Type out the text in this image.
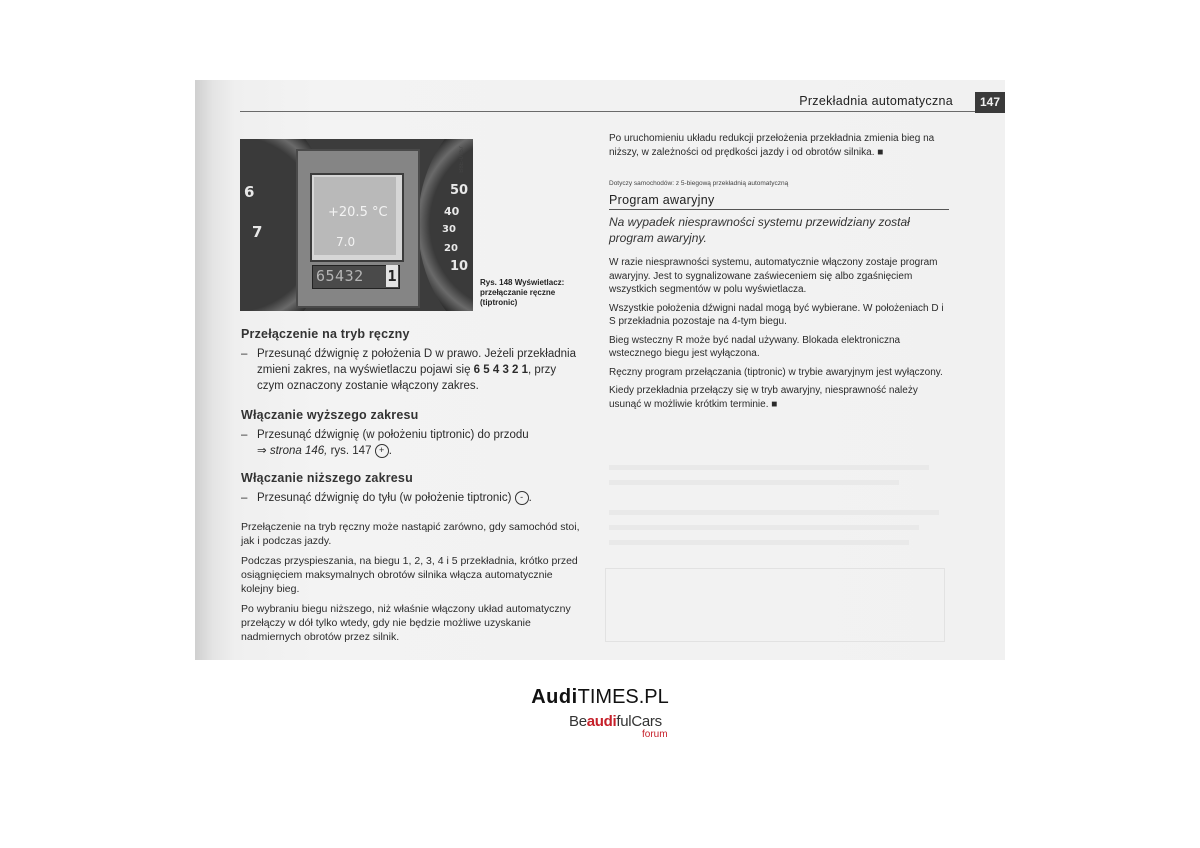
Przekładnia automatyczna	147
6
7
50
40
30
20
10
+20.5 °C
7.0
65432 1
B8E-0767
Rys. 148 Wyświetlacz: przełączanie ręczne (tiptronic)

Przełączenie na tryb ręczny

– Przesunąć dźwignię z położenia D w prawo. Jeżeli przekładnia zmieni zakres, na wyświetlaczu pojawi się 6 5 4 3 2 1, przy czym oznaczony zostanie włączony zakres.

Włączanie wyższego zakresu

– Przesunąć dźwignię (w położeniu tiptronic) do przodu
⇒ strona 146, rys. 147 + .

Włączanie niższego zakresu

– Przesunąć dźwignię do tyłu (w położenie tiptronic) - .

Przełączenie na tryb ręczny może nastąpić zarówno, gdy samochód stoi, jak i podczas jazdy.

Podczas przyspieszania, na biegu 1, 2, 3, 4 i 5 przekładnia, krótko przed osiągnięciem maksymalnych obrotów silnika włącza automatycznie kolejny bieg.

Po wybraniu biegu niższego, niż właśnie włączony układ automatyczny przełączy w dół tylko wtedy, gdy nie będzie możliwe uzyskanie nadmiernych obrotów przez silnik.

Po uruchomieniu układu redukcji przełożenia przekładnia zmienia bieg na niższy, w zależności od prędkości jazdy i od obrotów silnika. ■

Dotyczy samochodów: z 5-biegową przekładnią automatyczną

Program awaryjny

Na wypadek niesprawności systemu przewidziany został program awaryjny.

W razie niesprawności systemu, automatycznie włączony zostaje program awaryjny. Jest to sygnalizowane zaświeceniem się albo zgaśnięciem wszystkich segmentów w polu wyświetlacza.

Wszystkie położenia dźwigni nadal mogą być wybierane. W położeniach D i S przekładnia pozostaje na 4-tym biegu.

Bieg wsteczny R może być nadal używany. Blokada elektroniczna wstecznego biegu jest wyłączona.

Ręczny program przełączania (tiptronic) w trybie awaryjnym jest wyłączony.

Kiedy przekładnia przełączy się w tryb awaryjny, niesprawność należy usunąć w możliwie krótkim terminie. ■

AudiTIMES.PL
BeaudifulCars
forum
